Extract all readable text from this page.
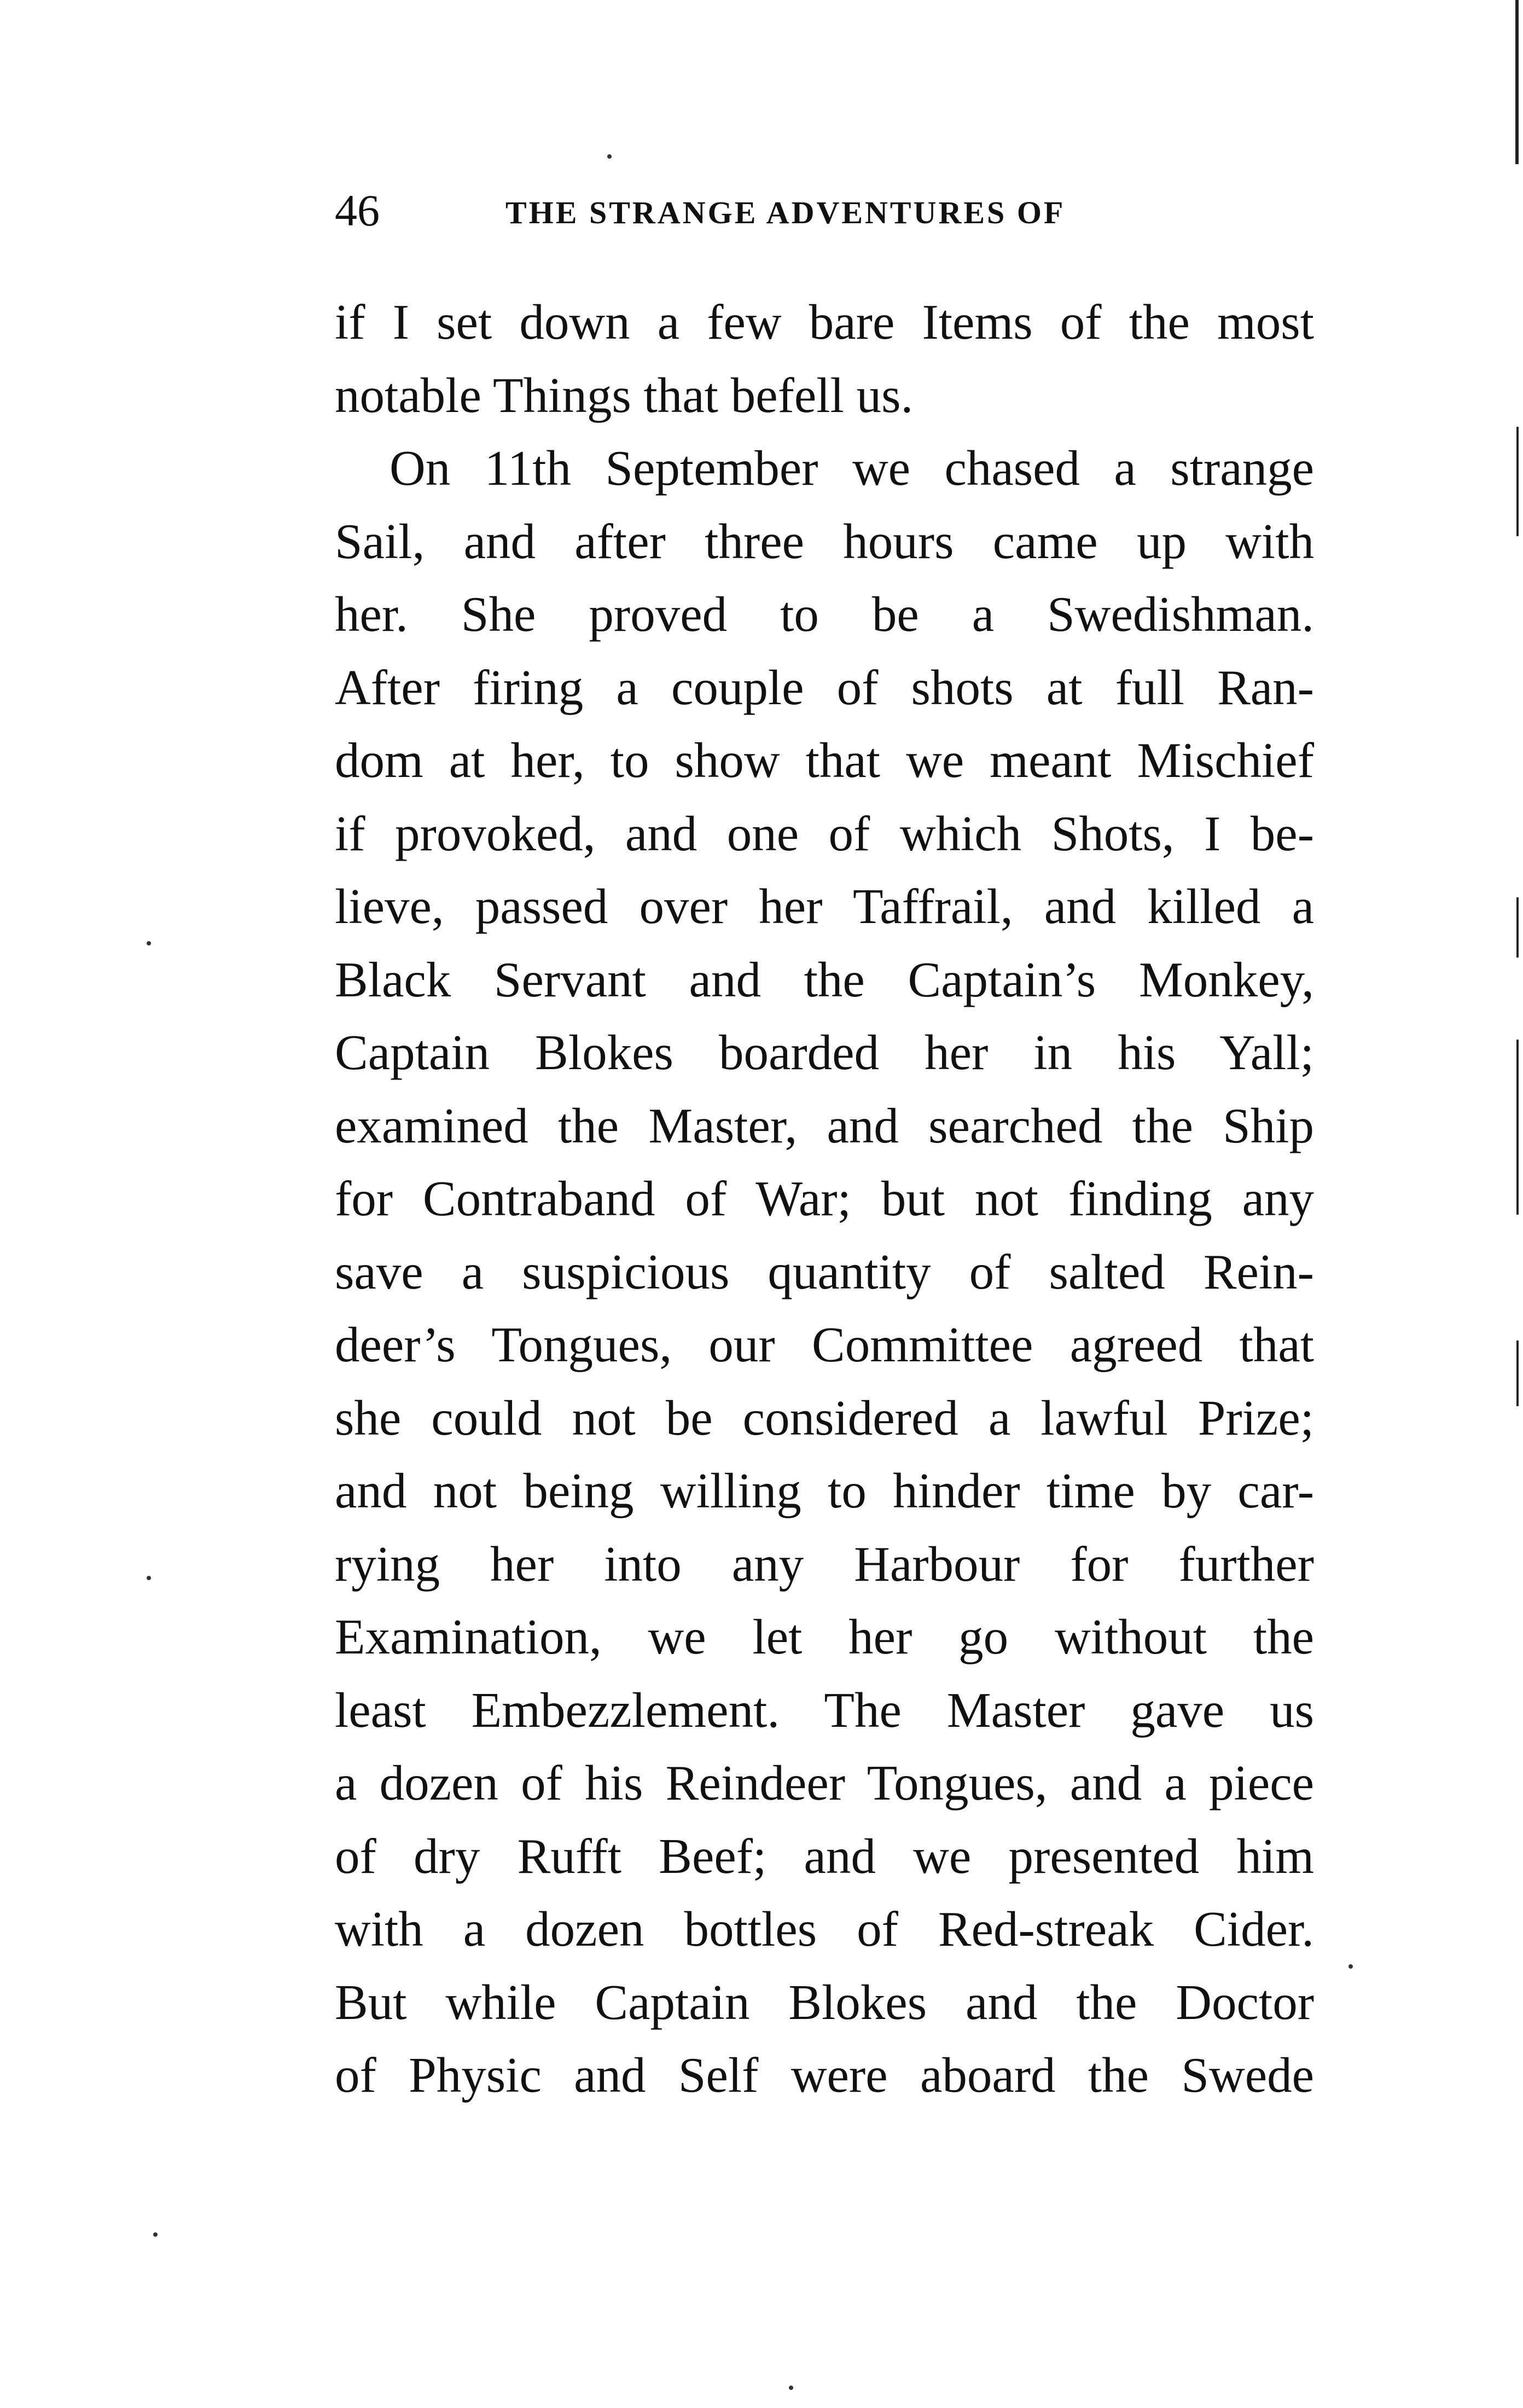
46	THE STRANGE ADVENTURES OF
if I set down a few bare Items of the most
notable Things that befell us.
On 11th September we chased a strange
Sail, and after three hours came up with
her. She proved to be a Swedishman.
After firing a couple of shots at full Ran-
dom at her, to show that we meant Mischief
if provoked, and one of which Shots, I be-
lieve, passed over her Taffrail, and killed a
Black Servant and the Captain’s Monkey,
Captain Blokes boarded her in his Yall;
examined the Master, and searched the Ship
for Contraband of War; but not finding any
save a suspicious quantity of salted Rein-
deer’s Tongues, our Committee agreed that
she could not be considered a lawful Prize;
and not being willing to hinder time by car-
rying her into any Harbour for further
Examination, we let her go without the
least Embezzlement. The Master gave us
a dozen of his Reindeer Tongues, and a piece
of dry Rufft Beef; and we presented him
with a dozen bottles of Red-streak Cider.
But while Captain Blokes and the Doctor
of Physic and Self were aboard the Swede
